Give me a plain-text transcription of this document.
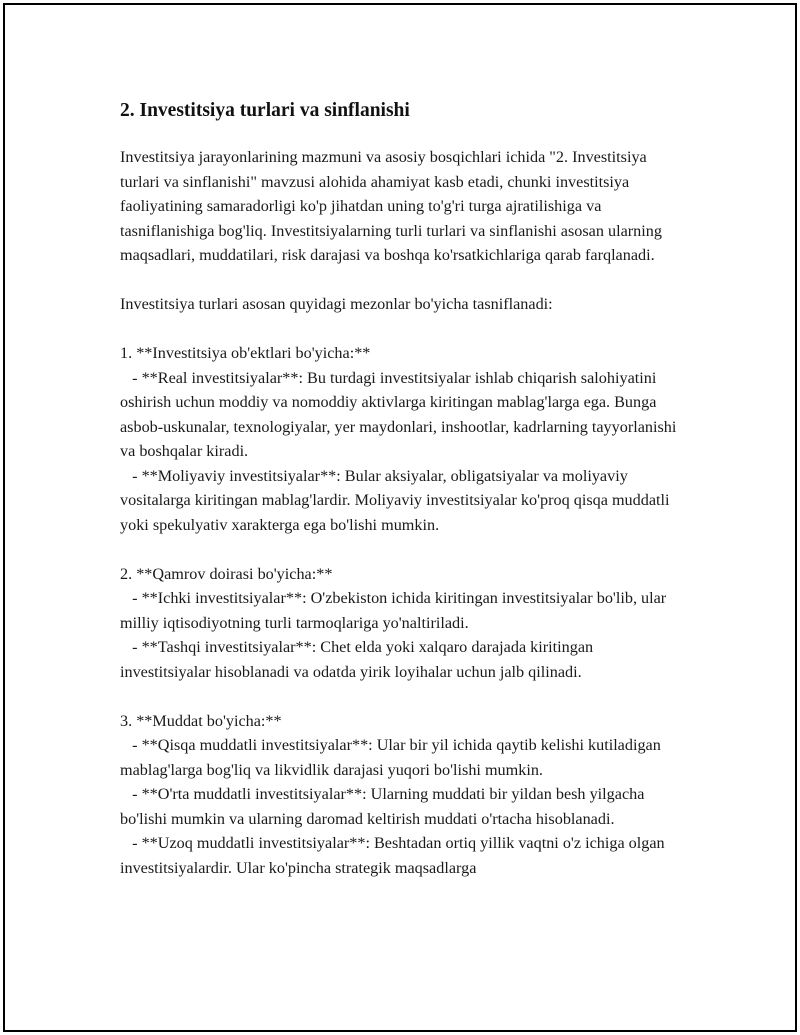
2. Investitsiya turlari va sinflanishi

Investitsiya jarayonlarining mazmuni va asosiy bosqichlari ichida "2. Investitsiya turlari va sinflanishi" mavzusi alohida ahamiyat kasb etadi, chunki investitsiya faoliyatining samaradorligi ko'p jihatdan uning to'g'ri turga ajratilishiga va tasniflanishiga bog'liq. Investitsiyalarning turli turlari va sinflanishi asosan ularning maqsadlari, muddatilari, risk darajasi va boshqa ko'rsatkichlariga qarab farqlanadi.

Investitsiya turlari asosan quyidagi mezonlar bo'yicha tasniflanadi:

1. **Investitsiya ob'ektlari bo'yicha:**

- **Real investitsiyalar**: Bu turdagi investitsiyalar ishlab chiqarish salohiyatini oshirish uchun moddiy va nomoddiy aktivlarga kiritingan mablag'larga ega. Bunga asbob-uskunalar, texnologiyalar, yer maydonlari, inshootlar, kadrlarning tayyorlanishi va boshqalar kiradi.

- **Moliyaviy investitsiyalar**: Bular aksiyalar, obligatsiyalar va moliyaviy vositalarga kiritingan mablag'lardir. Moliyaviy investitsiyalar ko'proq qisqa muddatli yoki spekulyativ xarakterga ega bo'lishi mumkin.

2. **Qamrov doirasi bo'yicha:**

- **Ichki investitsiyalar**: O'zbekiston ichida kiritingan investitsiyalar bo'lib, ular milliy iqtisodiyotning turli tarmoqlariga yo'naltiriladi.

- **Tashqi investitsiyalar**: Chet elda yoki xalqaro darajada kiritingan investitsiyalar hisoblanadi va odatda yirik loyihalar uchun jalb qilinadi.

3. **Muddat bo'yicha:**

- **Qisqa muddatli investitsiyalar**: Ular bir yil ichida qaytib kelishi kutiladigan mablag'larga bog'liq va likvidlik darajasi yuqori bo'lishi mumkin.

- **O'rta muddatli investitsiyalar**: Ularning muddati bir yildan besh yilgacha bo'lishi mumkin va ularning daromad keltirish muddati o'rtacha hisoblanadi.

- **Uzoq muddatli investitsiyalar**: Beshtadan ortiq yillik vaqtni o'z ichiga olgan investitsiyalardir. Ular ko'pincha strategik maqsadlarga
